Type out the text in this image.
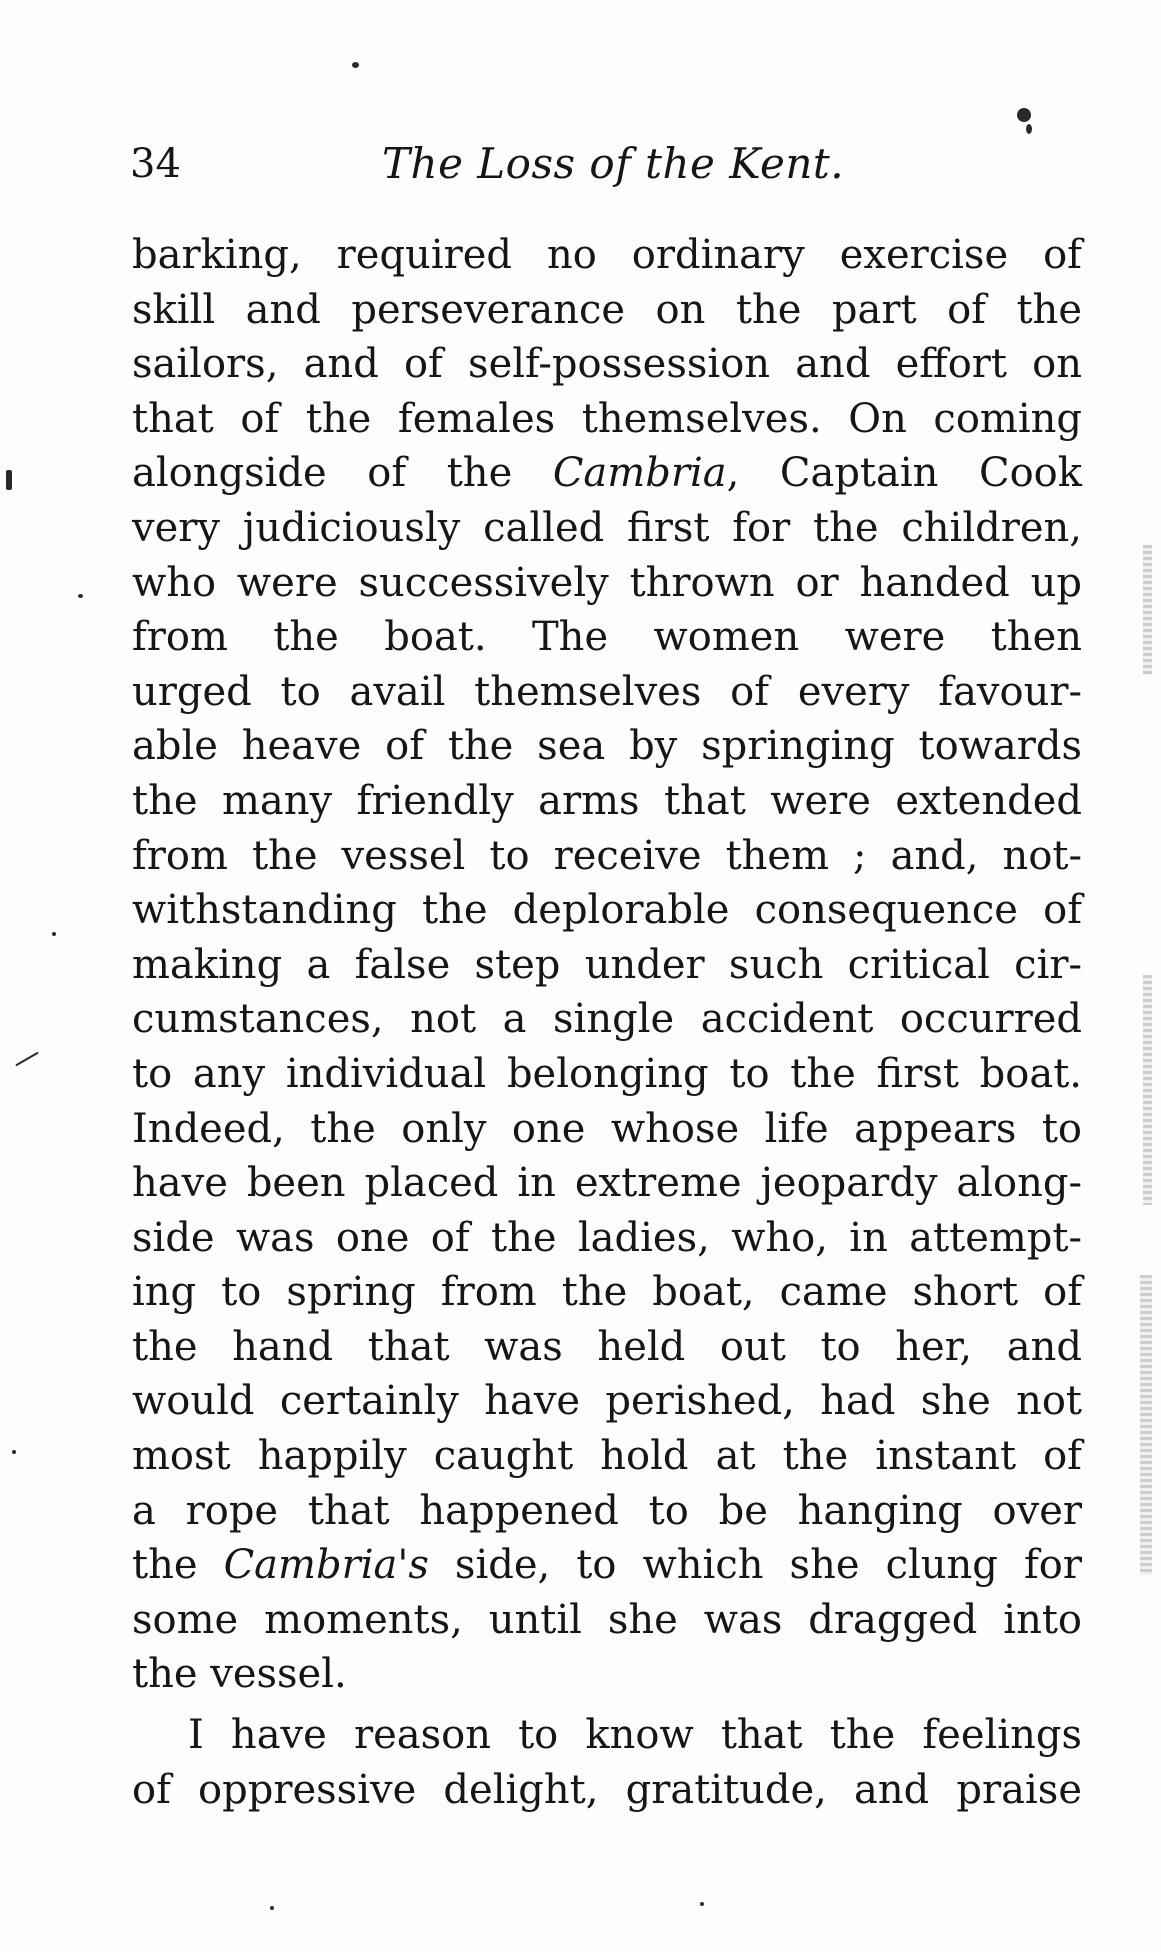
34	The Loss of the Kent.
barking, required no ordinary exercise of
skill and perseverance on the part of the
sailors, and of self-possession and effort on
that of the females themselves. On coming
alongside of the Cambria, Captain Cook
very judiciously called first for the children,
who were successively thrown or handed up
from the boat. The women were then
urged to avail themselves of every favour-
able heave of the sea by springing towards
the many friendly arms that were extended
from the vessel to receive them ; and, not-
withstanding the deplorable consequence of
making a false step under such critical cir-
cumstances, not a single accident occurred
to any individual belonging to the first boat.
Indeed, the only one whose life appears to
have been placed in extreme jeopardy along-
side was one of the ladies, who, in attempt-
ing to spring from the boat, came short of
the hand that was held out to her, and
would certainly have perished, had she not
most happily caught hold at the instant of
a rope that happened to be hanging over
the Cambria's side, to which she clung for
some moments, until she was dragged into
the vessel.
I have reason to know that the feelings
of oppressive delight, gratitude, and praise
